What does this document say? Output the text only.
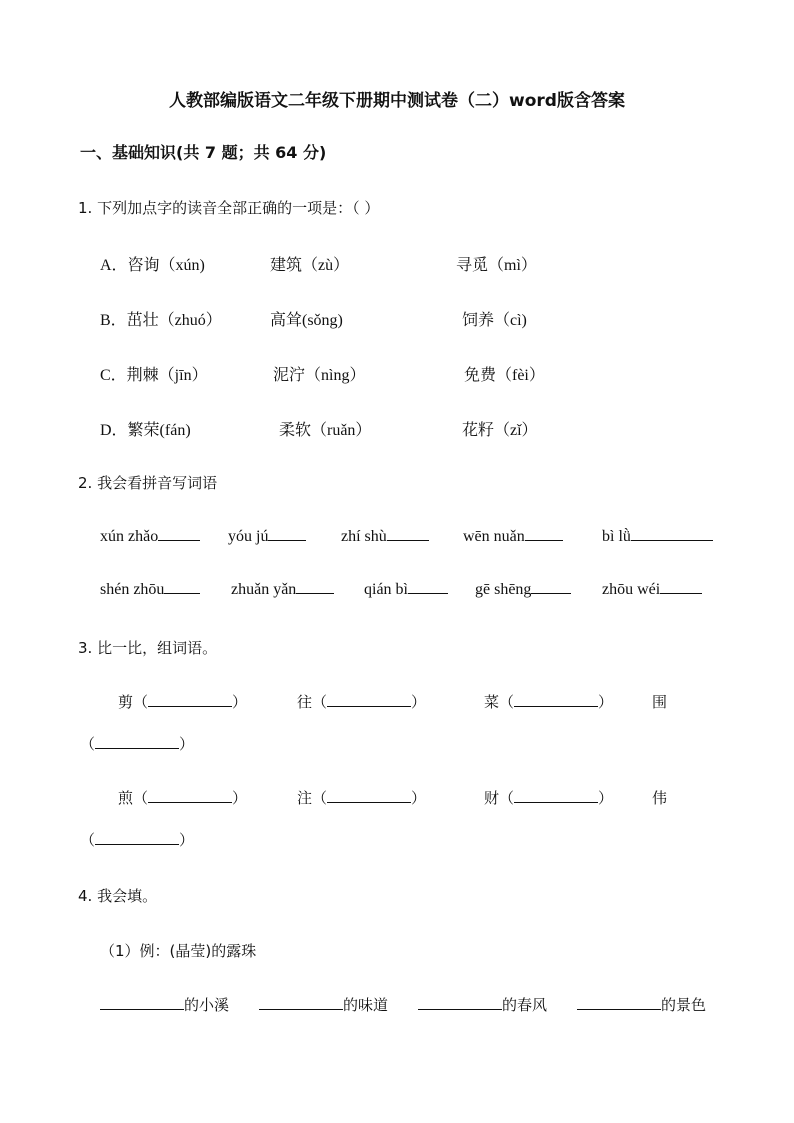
人教部编版语文二年级下册期中测试卷（二）word版含答案
一、基础知识(共 7 题；共 64 分)
1. 下列加点字的读音全部正确的一项是：（ ）
A．咨询（xún)	建筑（zù）	寻觅（mì）
B．茁壮（zhuó）	高耸(sǒng)	饲养（cì)
C．荆棘（jīn）	泥泞（nìng）	免费（fèi）
D．繁荣(fán)	柔软（ruǎn）	花籽（zǐ）
2. 我会看拼音写词语
xún zhǎo	yóu jú	zhí shù	wēn nuǎn	bì lǜ
shén zhōu	zhuǎn yǎn	qián bì	gē shēng	zhōu wéi
3. 比一比，组词语。
剪（	）	往（	）	菜（	）	围
（	）
煎（	）	注（	）	财（	）	伟
（	）
4. 我会填。
（1）例：(晶莹)的露珠
的小溪	的味道	的春风	的景色
